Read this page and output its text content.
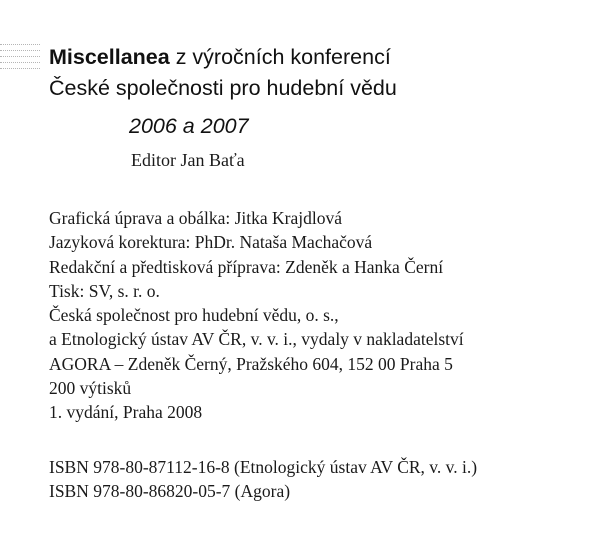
Miscellanea z výročních konferencí
České společnosti pro hudební vědu
2006 a 2007
Editor Jan Baťa
Grafická úprava a obálka: Jitka Krajdlová
Jazyková korektura: PhDr. Nataša Machačová
Redakční a předtisková příprava: Zdeněk a Hanka Černí
Tisk: SV, s. r. o.
Česká společnost pro hudební vědu, o. s.,
a Etnologický ústav AV ČR, v. v. i., vydaly v nakladatelství
AGORA – Zdeněk Černý, Pražského 604, 152 00 Praha 5
200 výtisků
1. vydání, Praha 2008
ISBN 978-80-87112-16-8 (Etnologický ústav AV ČR, v. v. i.)
ISBN 978-80-86820-05-7 (Agora)
